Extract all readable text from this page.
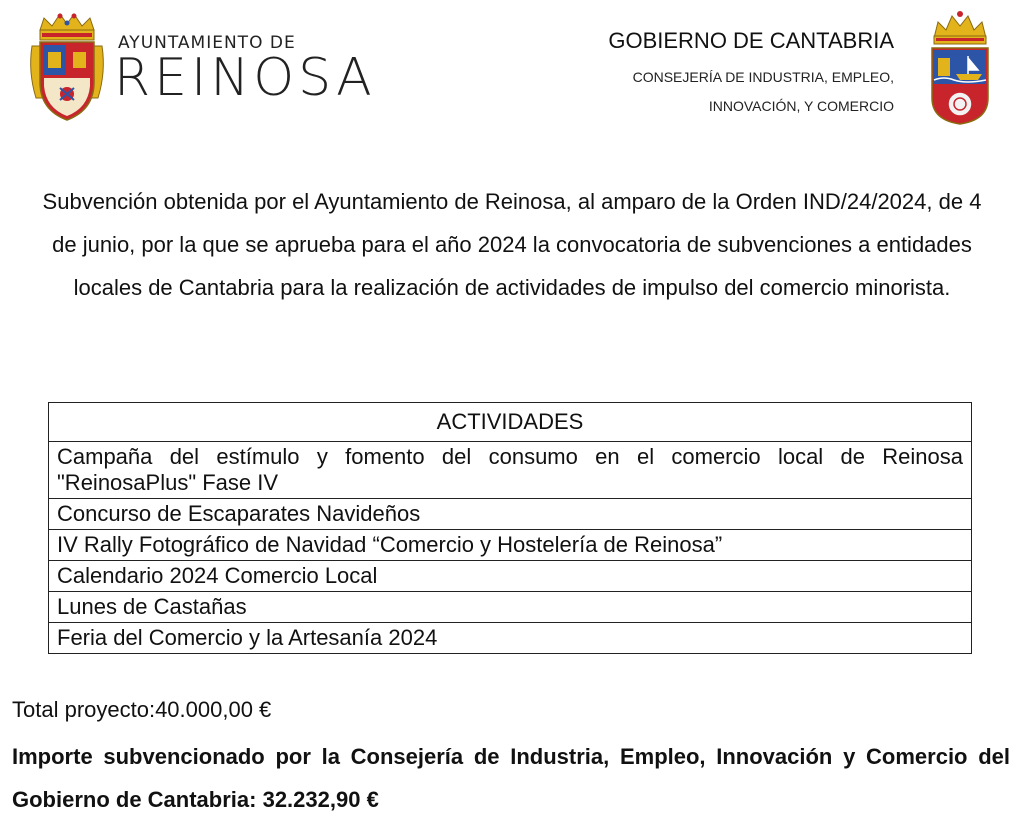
AYUNTAMIENTO DE
REINOSA
GOBIERNO DE CANTABRIA
CONSEJERÍA DE INDUSTRIA, EMPLEO,
INNOVACIÓN, Y COMERCIO
Subvención obtenida por el Ayuntamiento de Reinosa, al amparo de la Orden IND/24/2024, de 4 de junio, por la que se aprueba para el año 2024 la convocatoria de subvenciones a entidades locales de Cantabria para la realización de actividades de impulso del comercio minorista.
ACTIVIDADES
Campaña del estímulo y fomento del consumo en el comercio local de Reinosa "ReinosaPlus" Fase IV
Concurso de Escaparates Navideños
IV Rally Fotográfico de Navidad “Comercio y Hostelería de Reinosa”
Calendario 2024 Comercio Local
Lunes de Castañas
Feria del Comercio y la Artesanía 2024
Total proyecto:40.000,00 €
Importe subvencionado por la Consejería de Industria, Empleo, Innovación y Comercio del Gobierno de Cantabria: 32.232,90 €
